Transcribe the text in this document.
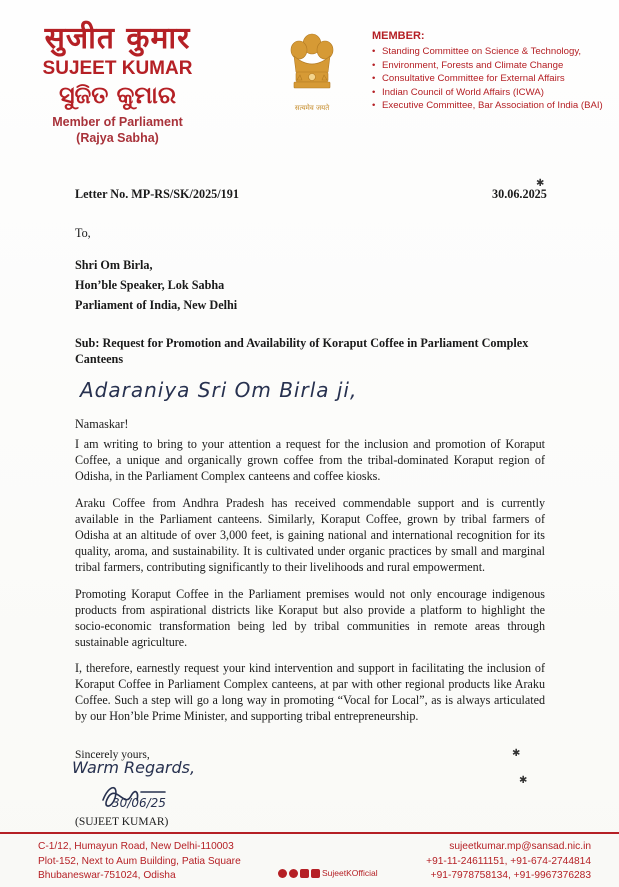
सुजीत कुमार
SUJEET KUMAR
ସୁଜିତ କୁମାର
Member of Parliament
(Rajya Sabha)
सत्यमेव जयते
MEMBER:
• Standing Committee on Science & Technology,
• Environment, Forests and Climate Change
• Consultative Committee for External Affairs
• Indian Council of World Affairs (ICWA)
• Executive Committee, Bar Association of India (BAI)
Letter No. MP-RS/SK/2025/191	30.06.2025
✱
To,
Shri Om Birla,
Hon’ble Speaker, Lok Sabha
Parliament of India, New Delhi
Sub: Request for Promotion and Availability of Koraput Coffee in Parliament Complex Canteens
Adaraniya Sri Om Birla ji,
Namaskar!
I am writing to bring to your attention a request for the inclusion and promotion of Koraput Coffee, a unique and organically grown coffee from the tribal-dominated Koraput region of Odisha, in the Parliament Complex canteens and coffee kiosks.
Araku Coffee from Andhra Pradesh has received commendable support and is currently available in the Parliament canteens. Similarly, Koraput Coffee, grown by tribal farmers of Odisha at an altitude of over 3,000 feet, is gaining national and international recognition for its quality, aroma, and sustainability. It is cultivated under organic practices by small and marginal tribal farmers, contributing significantly to their livelihoods and rural empowerment.
Promoting Koraput Coffee in the Parliament premises would not only encourage indigenous products from aspirational districts like Koraput but also provide a platform to highlight the socio-economic transformation being led by tribal communities in remote areas through sustainable agriculture.
I, therefore, earnestly request your kind intervention and support in facilitating the inclusion of Koraput Coffee in Parliament Complex canteens, at par with other regional products like Araku Coffee. Such a step will go a long way in promoting “Vocal for Local”, as is always articulated by our Hon’ble Prime Minister, and supporting tribal entrepreneurship.
✱
✱
Sincerely yours,
Warm Regards,
30/06/25
(SUJEET KUMAR)
C-1/12, Humayun Road, New Delhi-110003
Plot-152, Next to Aum Building, Patia Square
Bhubaneswar-751024, Odisha
sujeetkumar.mp@sansad.nic.in
+91-11-24611151, +91-674-2744814
+91-7978758134, +91-9967376283
SujeetKOfficial
